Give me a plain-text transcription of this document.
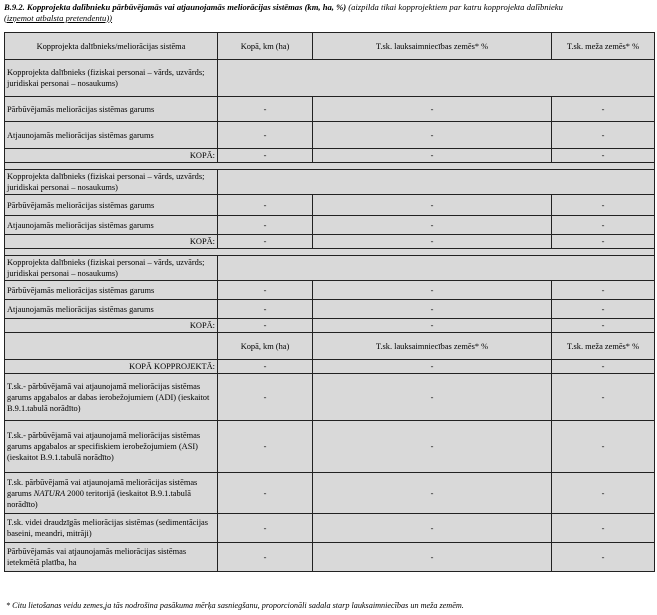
B.9.2. Kopprojekta dalībnieku pārbūvējamās vai atjaunojamās meliorācijas sistēmas (km, ha, %) (aizpilda tikai kopprojektiem par katru kopprojekta dalībnieku
(izņemot atbalsta pretendentu))
Kopprojekta dalībnieks/meliorācijas sistēma	Kopā, km (ha)	T.sk. lauksaimniecības zemēs* %	T.sk. meža zemēs* %
Kopprojekta dalībnieks (fiziskai personai – vārds, uzvārds; juridiskai personai – nosaukums)			
Pārbūvējamās meliorācijas sistēmas garums	-	-	-
Atjaunojamās meliorācijas sistēmas garums	-	-	-
KOPĀ:	-	-	-

Kopprojekta dalībnieks (fiziskai personai – vārds, uzvārds; juridiskai personai – nosaukums)			
Pārbūvējamās meliorācijas sistēmas garums	-	-	-
Atjaunojamās meliorācijas sistēmas garums	-	-	-
KOPĀ:	-	-	-

Kopprojekta dalībnieks (fiziskai personai – vārds, uzvārds; juridiskai personai – nosaukums)			
Pārbūvējamās meliorācijas sistēmas garums	-	-	-
Atjaunojamās meliorācijas sistēmas garums	-	-	-
KOPĀ:	-	-	-
	Kopā, km (ha)	T.sk. lauksaimniecības zemēs* %	T.sk. meža zemēs* %
KOPĀ KOPPROJEKTĀ:	-	-	-
T.sk.- pārbūvējamā vai atjaunojamā meliorācijas sistēmas garums apgabalos ar dabas ierobežojumiem (ADI) (ieskaitot B.9.1.tabulā norādīto)	-	-	-
T.sk.- pārbūvējamā vai atjaunojamā meliorācijas sistēmas garums apgabalos ar specifiskiem ierobežojumiem (ASI) (ieskaitot B.9.1.tabulā norādīto)	-	-	-
T.sk. pārbūvējamā vai atjaunojamā meliorācijas sistēmas garums NATURA 2000 teritorijā (ieskaitot B.9.1.tabulā norādīto)	-	-	-
T.sk. videi draudzīgās meliorācijas sistēmas (sedimentācijas baseini, meandri, mitrāji)	-	-	-
Pārbūvējamās vai atjaunojamās meliorācijas sistēmas ietekmētā platība, ha	-	-	-
* Citu lietošanas veidu zemes,ja tās nodrošina pasākuma mērķa sasniegšanu, proporcionāli sadala starp lauksaimniecības un meža zemēm.
